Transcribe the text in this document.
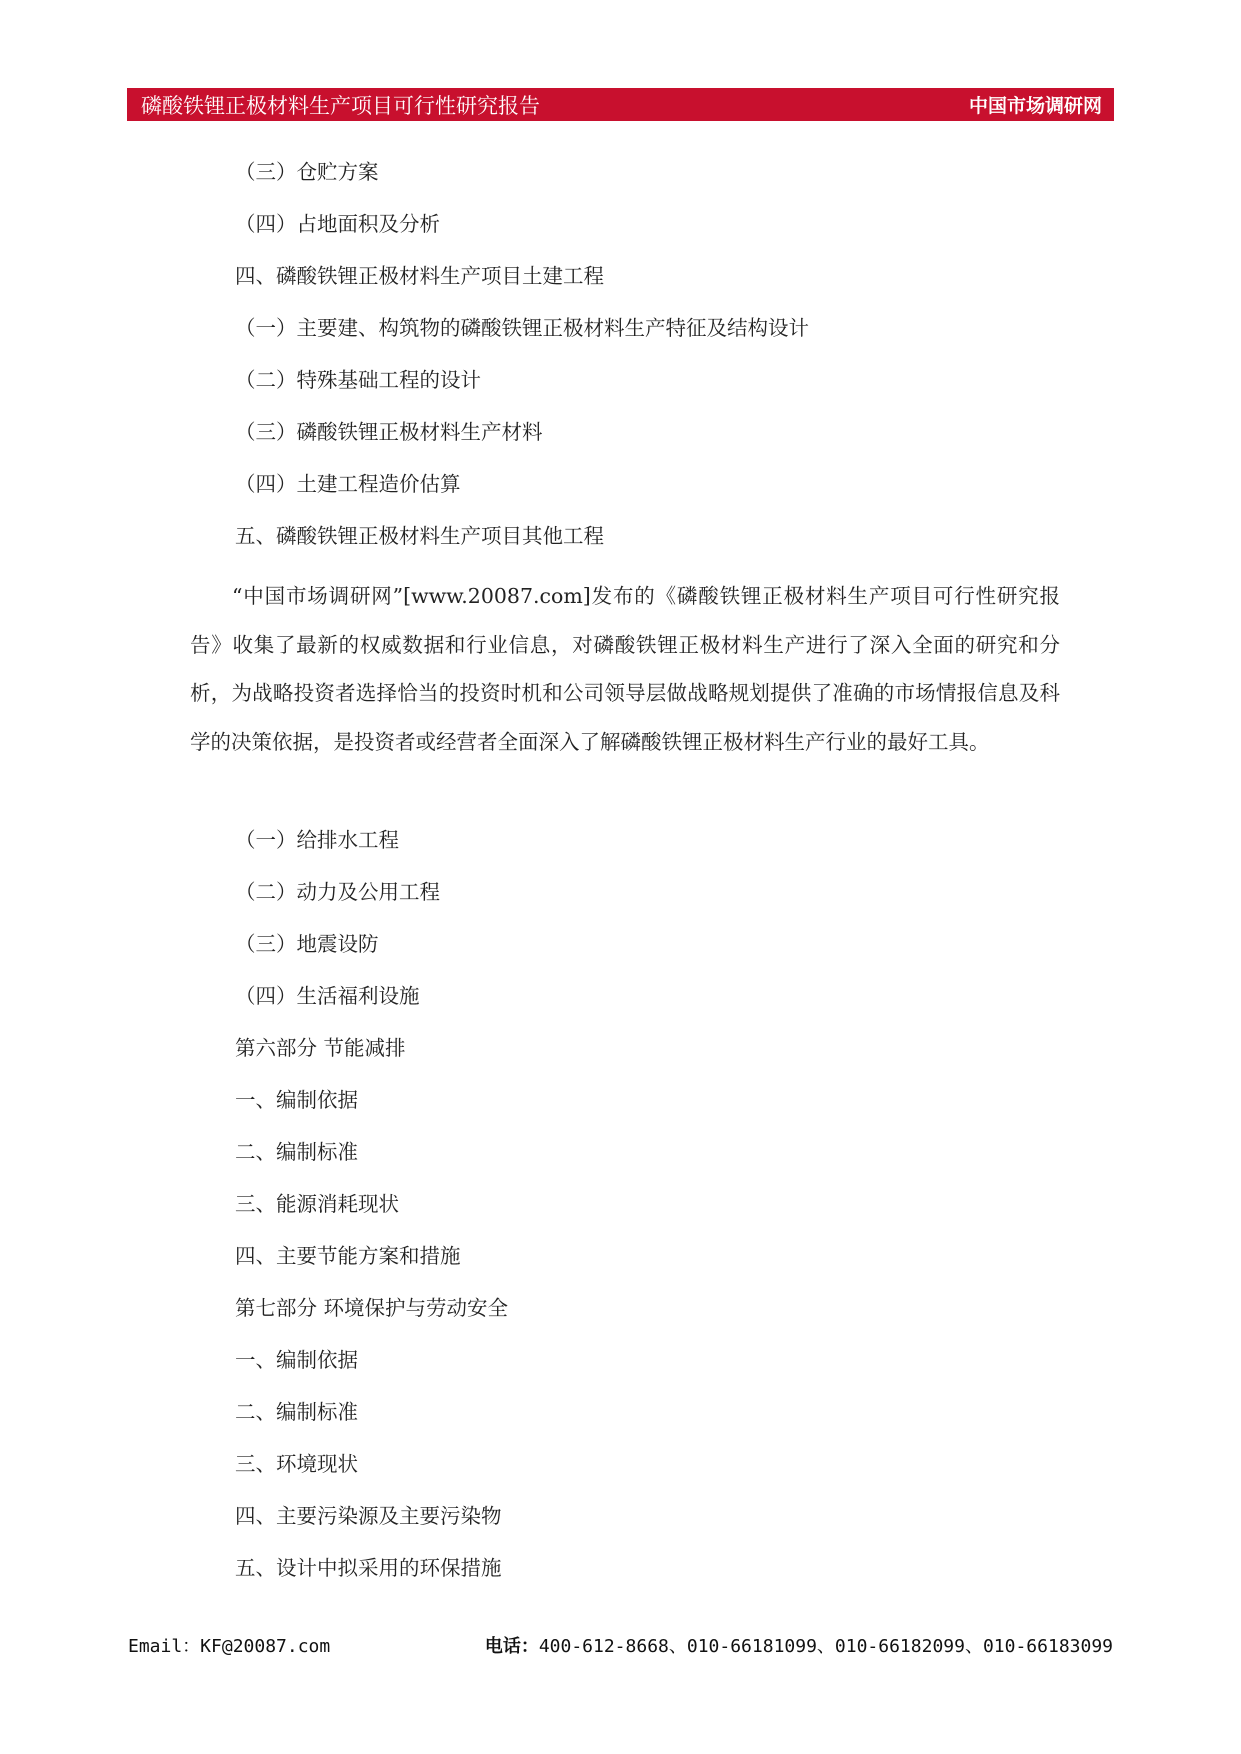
磷酸铁锂正极材料生产项目可行性研究报告	中国市场调研网
（三）仓贮方案
（四）占地面积及分析
四、磷酸铁锂正极材料生产项目土建工程
（一）主要建、构筑物的磷酸铁锂正极材料生产特征及结构设计
（二）特殊基础工程的设计
（三）磷酸铁锂正极材料生产材料
（四）土建工程造价估算
五、磷酸铁锂正极材料生产项目其他工程
“中国市场调研网”[www.20087.com]发布的《磷酸铁锂正极材料生产项目可行性研究报告》收集了最新的权威数据和行业信息，对磷酸铁锂正极材料生产进行了深入全面的研究和分析，为战略投资者选择恰当的投资时机和公司领导层做战略规划提供了准确的市场情报信息及科学的决策依据，是投资者或经营者全面深入了解磷酸铁锂正极材料生产行业的最好工具。
（一）给排水工程
（二）动力及公用工程
（三）地震设防
（四）生活福利设施
第六部分 节能减排
一、编制依据
二、编制标准
三、能源消耗现状
四、主要节能方案和措施
第七部分 环境保护与劳动安全
一、编制依据
二、编制标准
三、环境现状
四、主要污染源及主要污染物
五、设计中拟采用的环保措施
Email：KF@20087.com	电话：400-612-8668、010-66181099、010-66182099、010-66183099
